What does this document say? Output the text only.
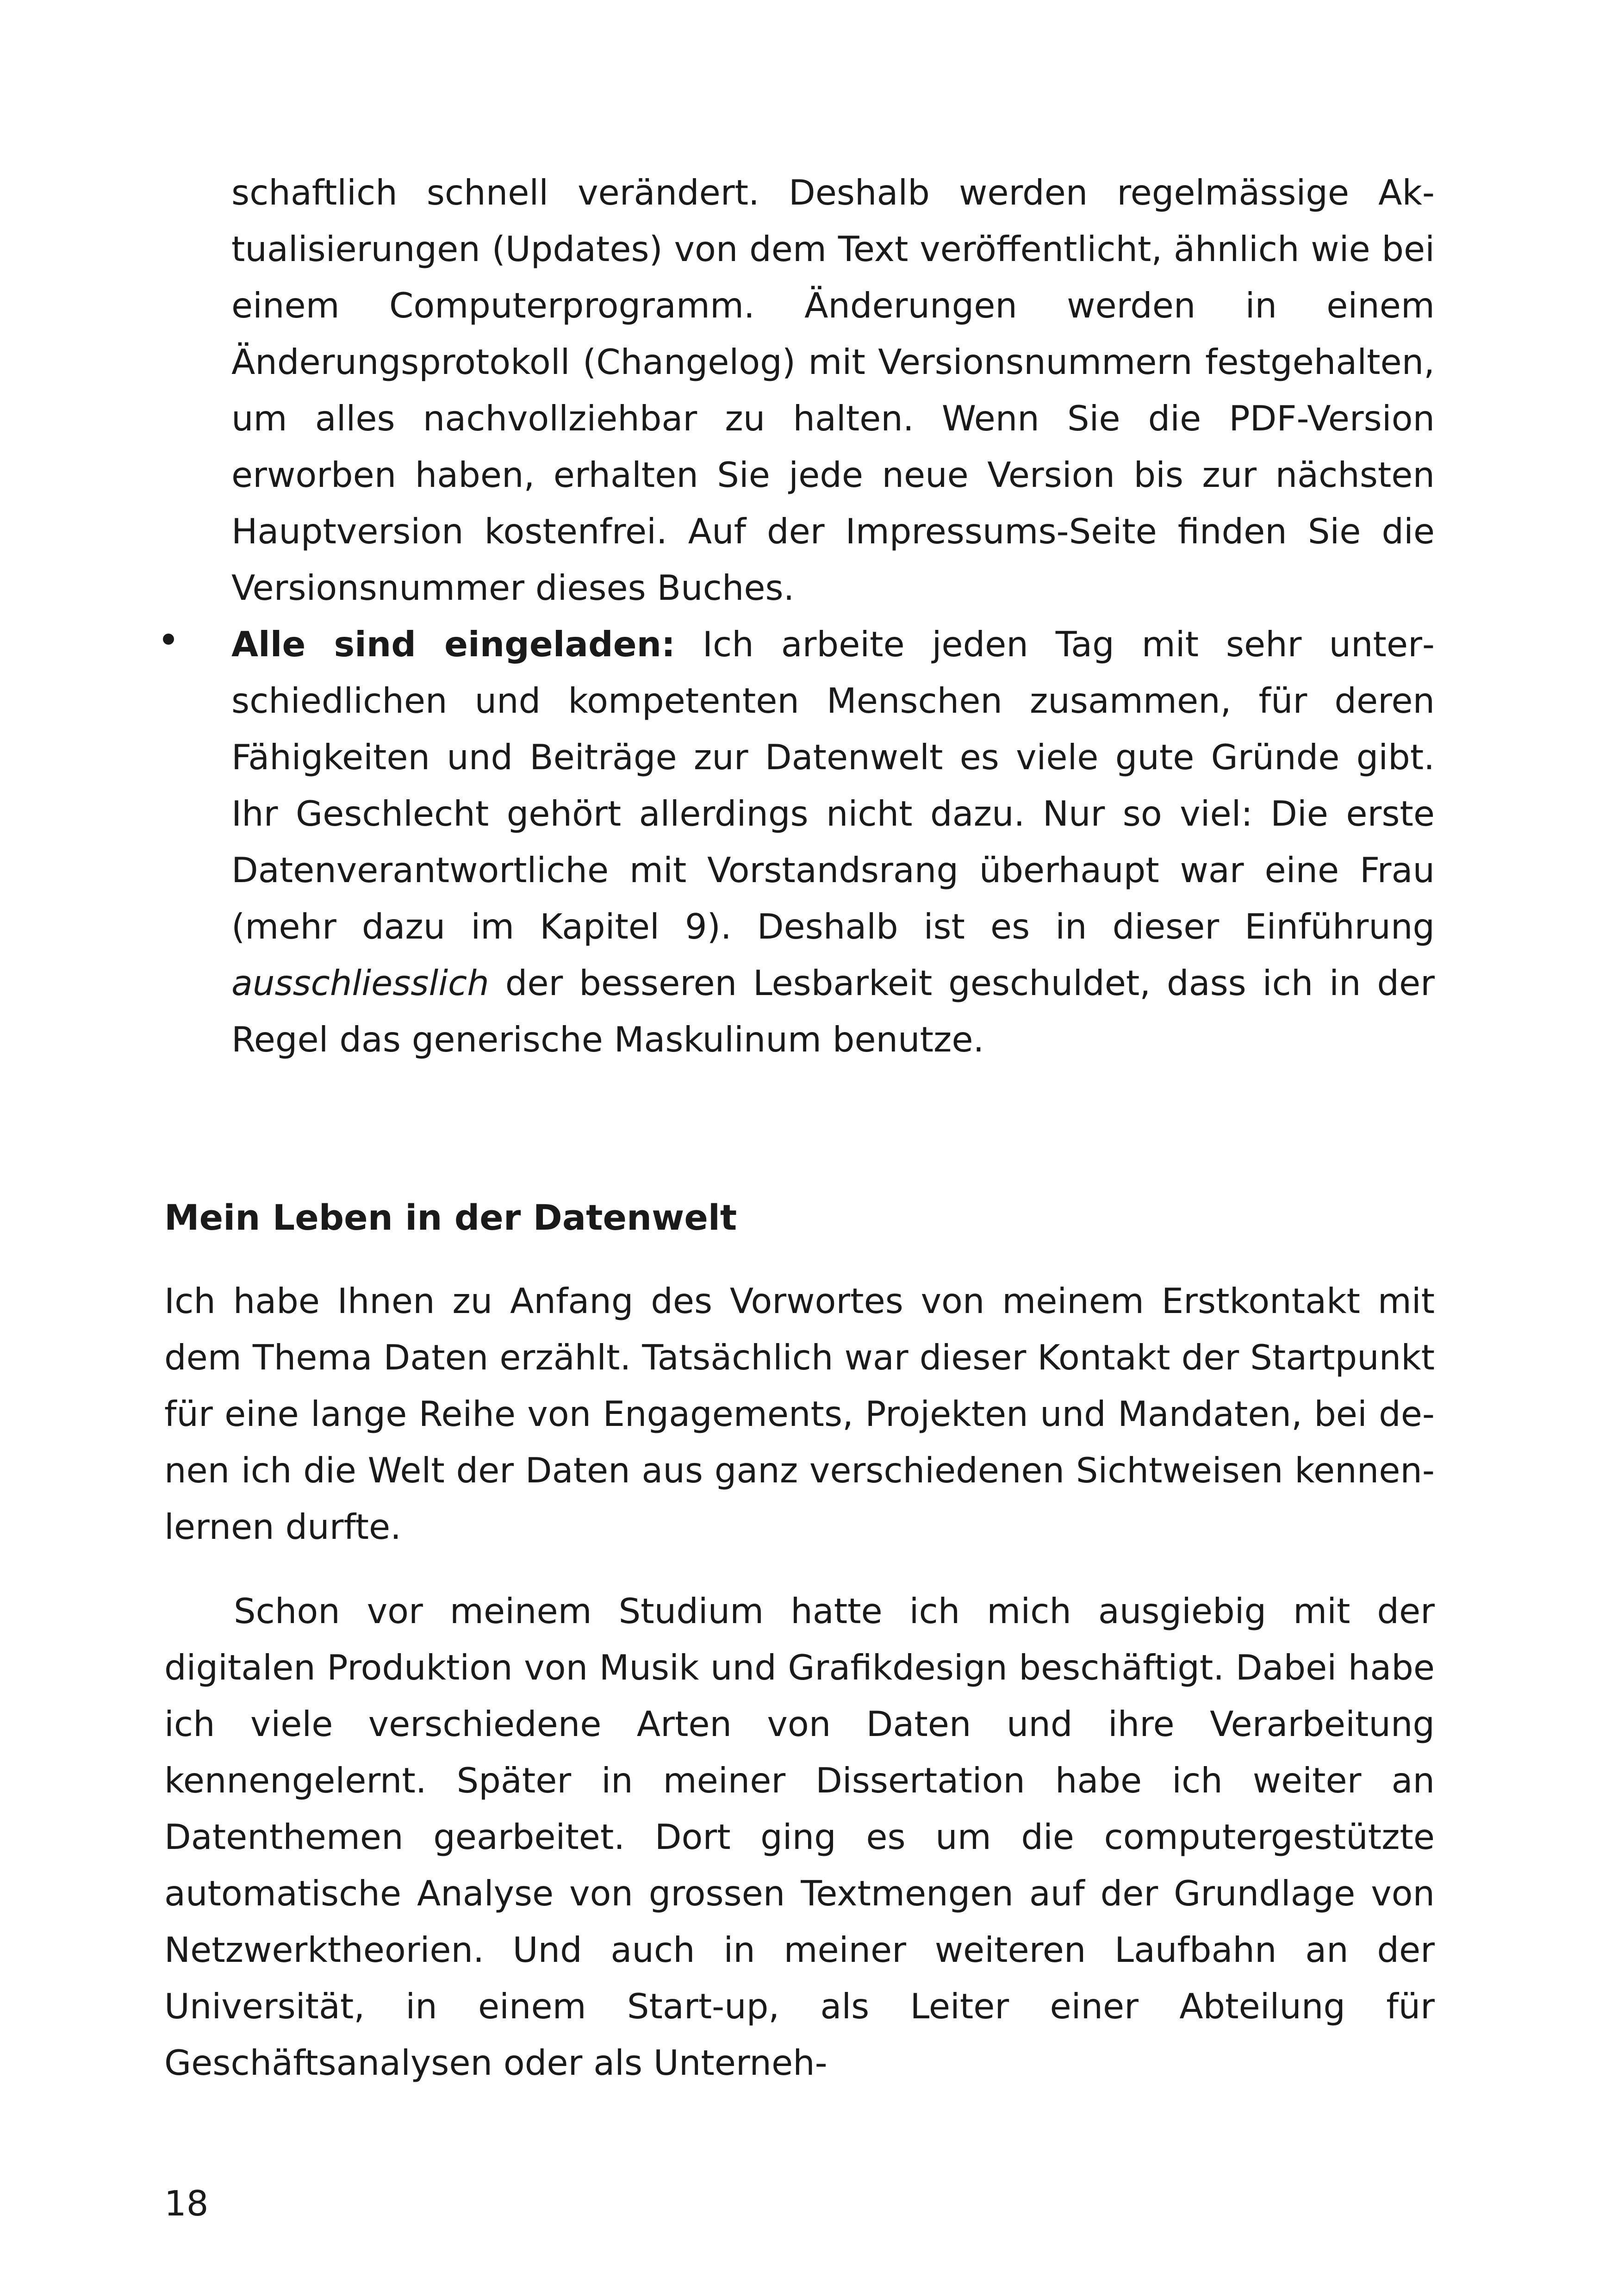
schaftlich schnell verändert. Deshalb werden regelmässige Aktualisierungen (Updates) von dem Text veröffentlicht, ähnlich wie bei einem Computerprogramm. Änderungen werden in einem Änderungsprotokoll (Changelog) mit Versionsnummern festgehalten, um alles nachvollziehbar zu halten. Wenn Sie die PDF-Version erworben haben, erhalten Sie jede neue Version bis zur nächsten Hauptversion kostenfrei. Auf der Impressums-Seite finden Sie die Versionsnummer dieses Buches.

Alle sind eingeladen: Ich arbeite jeden Tag mit sehr unterschiedlichen und kompetenten Menschen zusammen, für deren Fähigkeiten und Beiträge zur Datenwelt es viele gute Gründe gibt. Ihr Geschlecht gehört allerdings nicht dazu. Nur so viel: Die erste Datenverantwortliche mit Vorstandsrang überhaupt war eine Frau (mehr dazu im Kapitel 9). Deshalb ist es in dieser Einführung ausschliesslich der besseren Lesbarkeit geschuldet, dass ich in der Regel das generische Maskulinum benutze.

Mein Leben in der Datenwelt

Ich habe Ihnen zu Anfang des Vorwortes von meinem Erstkontakt mit dem Thema Daten erzählt. Tatsächlich war dieser Kontakt der Startpunkt für eine lange Reihe von Engagements, Projekten und Mandaten, bei denen ich die Welt der Daten aus ganz verschiedenen Sichtweisen kennenlernen durfte.

Schon vor meinem Studium hatte ich mich ausgiebig mit der digitalen Produktion von Musik und Grafikdesign beschäftigt. Dabei habe ich viele verschiedene Arten von Daten und ihre Verarbeitung kennengelernt. Später in meiner Dissertation habe ich weiter an Datenthemen gearbeitet. Dort ging es um die computergestützte automatische Analyse von grossen Textmengen auf der Grundlage von Netzwerktheorien. Und auch in meiner weiteren Laufbahn an der Universität, in einem Start-up, als Leiter einer Abteilung für Geschäftsanalysen oder als Unterneh-

18
